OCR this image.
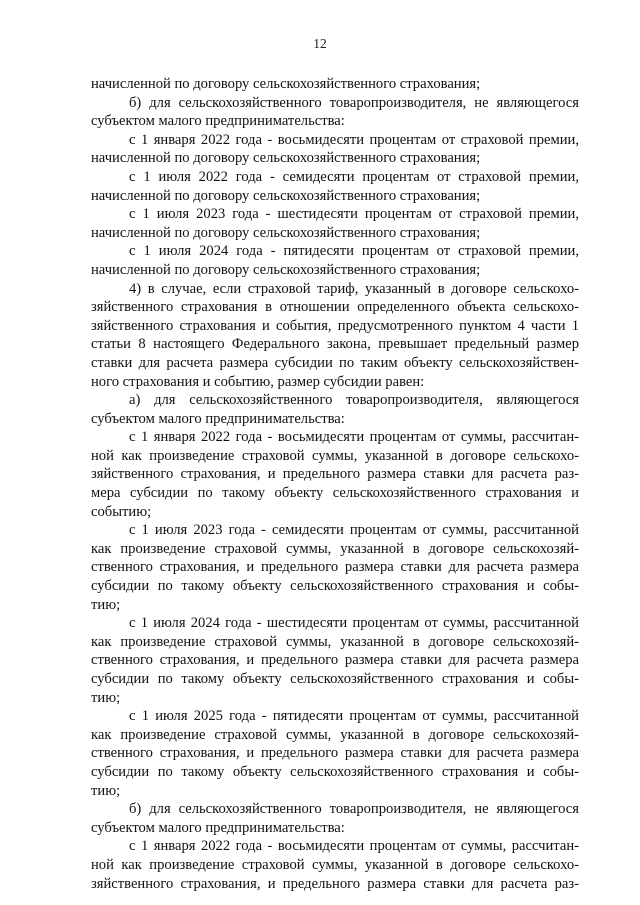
12
начисленной по договору сельскохозяйственного страхования;
б) для сельскохозяйственного товаропроизводителя, не являющегося
субъектом малого предпринимательства:
с 1 января 2022 года - восьмидесяти процентам от страховой премии,
начисленной по договору сельскохозяйственного страхования;
с 1 июля 2022 года - семидесяти процентам от страховой премии,
начисленной по договору сельскохозяйственного страхования;
с 1 июля 2023 года - шестидесяти процентам от страховой премии,
начисленной по договору сельскохозяйственного страхования;
с 1 июля 2024 года - пятидесяти процентам от страховой премии,
начисленной по договору сельскохозяйственного страхования;
4) в случае, если страховой тариф, указанный в договоре сельскохо-
зяйственного страхования в отношении определенного объекта сельскохо-
зяйственного страхования и события, предусмотренного пунктом 4 части 1
статьи 8 настоящего Федерального закона, превышает предельный размер
ставки для расчета размера субсидии по таким объекту сельскохозяйствен-
ного страхования и событию, размер субсидии равен:
а) для сельскохозяйственного товаропроизводителя, являющегося
субъектом малого предпринимательства:
с 1 января 2022 года - восьмидесяти процентам от суммы, рассчитан-
ной как произведение страховой суммы, указанной в договоре сельскохо-
зяйственного страхования, и предельного размера ставки для расчета раз-
мера субсидии по такому объекту сельскохозяйственного страхования и
событию;
с 1 июля 2023 года - семидесяти процентам от суммы, рассчитанной
как произведение страховой суммы, указанной в договоре сельскохозяй-
ственного страхования, и предельного размера ставки для расчета размера
субсидии по такому объекту сельскохозяйственного страхования и собы-
тию;
с 1 июля 2024 года - шестидесяти процентам от суммы, рассчитанной
как произведение страховой суммы, указанной в договоре сельскохозяй-
ственного страхования, и предельного размера ставки для расчета размера
субсидии по такому объекту сельскохозяйственного страхования и собы-
тию;
с 1 июля 2025 года - пятидесяти процентам от суммы, рассчитанной
как произведение страховой суммы, указанной в договоре сельскохозяй-
ственного страхования, и предельного размера ставки для расчета размера
субсидии по такому объекту сельскохозяйственного страхования и собы-
тию;
б) для сельскохозяйственного товаропроизводителя, не являющегося
субъектом малого предпринимательства:
с 1 января 2022 года - восьмидесяти процентам от суммы, рассчитан-
ной как произведение страховой суммы, указанной в договоре сельскохо-
зяйственного страхования, и предельного размера ставки для расчета раз-
